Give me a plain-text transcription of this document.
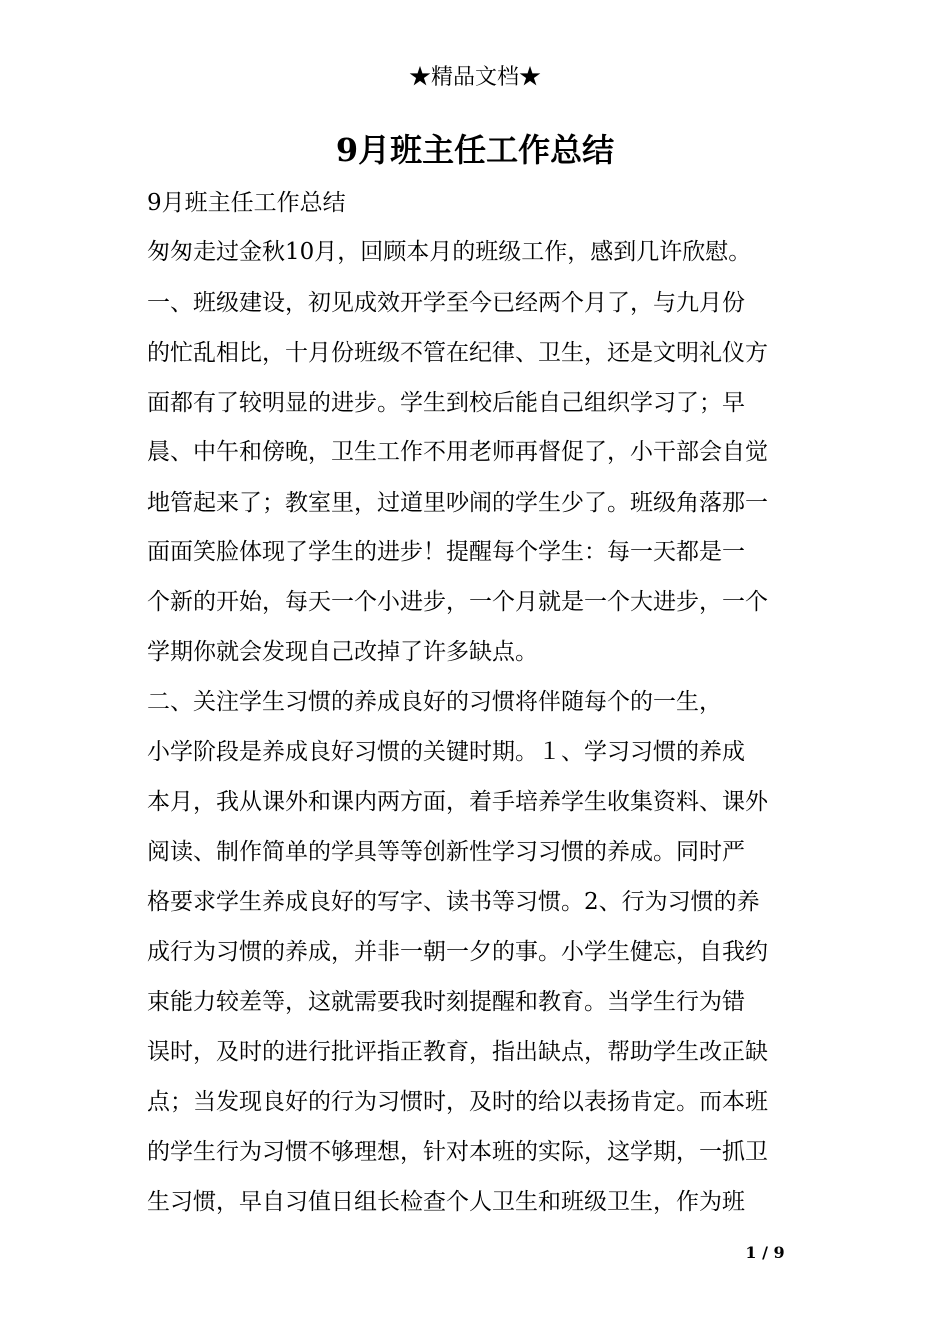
★精品文档★
9月班主任工作总结
9月班主任工作总结
匆匆走过金秋10月，回顾本月的班级工作，感到几许欣慰。
一、班级建设，初见成效开学至今已经两个月了，与九月份
的忙乱相比，十月份班级不管在纪律、卫生，还是文明礼仪方
面都有了较明显的进步。学生到校后能自己组织学习了；早
晨、中午和傍晚，卫生工作不用老师再督促了，小干部会自觉
地管起来了；教室里，过道里吵闹的学生少了。班级角落那一
面面笑脸体现了学生的进步！提醒每个学生：每一天都是一
个新的开始，每天一个小进步，一个月就是一个大进步，一个
学期你就会发现自己改掉了许多缺点。
二、关注学生习惯的养成良好的习惯将伴随每个的一生，
小学阶段是养成良好习惯的关键时期。１、学习习惯的养成
本月，我从课外和课内两方面，着手培养学生收集资料、课外
阅读、制作简单的学具等等创新性学习习惯的养成。同时严
格要求学生养成良好的写字、读书等习惯。2、行为习惯的养
成行为习惯的养成，并非一朝一夕的事。小学生健忘，自我约
束能力较差等，这就需要我时刻提醒和教育。当学生行为错
误时，及时的进行批评指正教育，指出缺点，帮助学生改正缺
点；当发现良好的行为习惯时，及时的给以表扬肯定。而本班
的学生行为习惯不够理想，针对本班的实际，这学期，一抓卫
生习惯，早自习值日组长检查个人卫生和班级卫生，作为班
1 / 9
